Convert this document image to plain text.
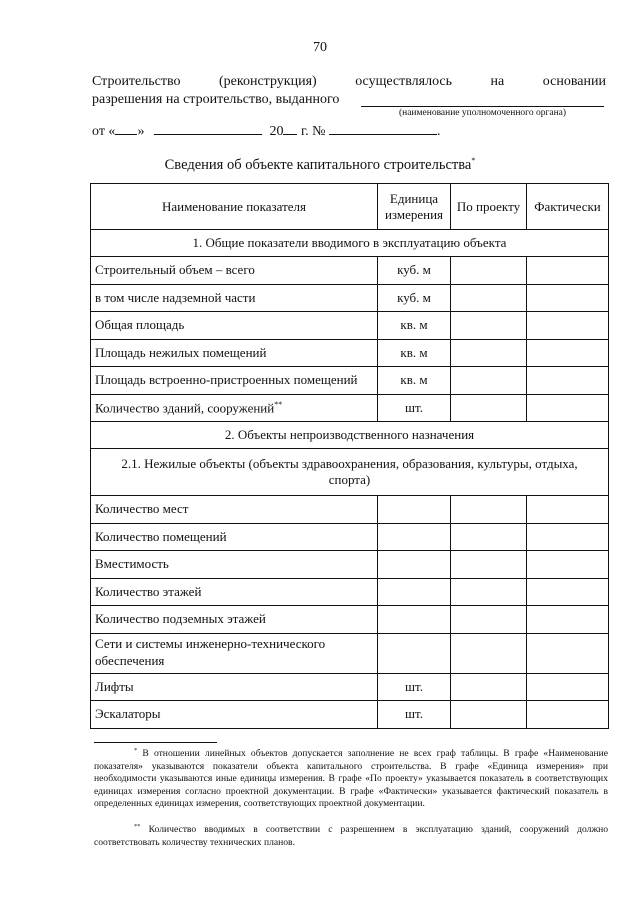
70
Строительство	(реконструкция)	осуществлялось	на	основании
разрешения на строительство, выданного
(наименование уполномоченного органа)
от « »	20 г. №	.
Сведения об объекте капитального строительства*
Наименование показателя	Единица измерения	По проекту	Фактически
1. Общие показатели вводимого в эксплуатацию объекта			
Строительный объем – всего	куб. м		
в том числе надземной части	куб. м		
Общая площадь	кв. м		
Площадь нежилых помещений	кв. м		
Площадь встроенно-пристроенных помещений	кв. м		
Количество зданий, сооружений**	шт.		
2. Объекты непроизводственного назначения			
2.1. Нежилые объекты (объекты здравоохранения, образования, культуры, отдыха, спорта)			
Количество мест			
Количество помещений			
Вместимость			
Количество этажей			
Количество подземных этажей			
Сети и системы инженерно-технического обеспечения			
Лифты	шт.		
Эскалаторы	шт.		
* В отношении линейных объектов допускается заполнение не всех граф таблицы. В графе «Наименование показателя» указываются показатели объекта капитального строительства. В графе «Единица измерения» при необходимости указываются иные единицы измерения. В графе «По проекту» указывается показатель в соответствующих единицах измерения согласно проектной документации. В графе «Фактически» указывается фактический показатель в определенных единицах измерения, соответствующих проектной документации.
** Количество вводимых в соответствии с разрешением в эксплуатацию зданий, сооружений должно соответствовать количеству технических планов.
